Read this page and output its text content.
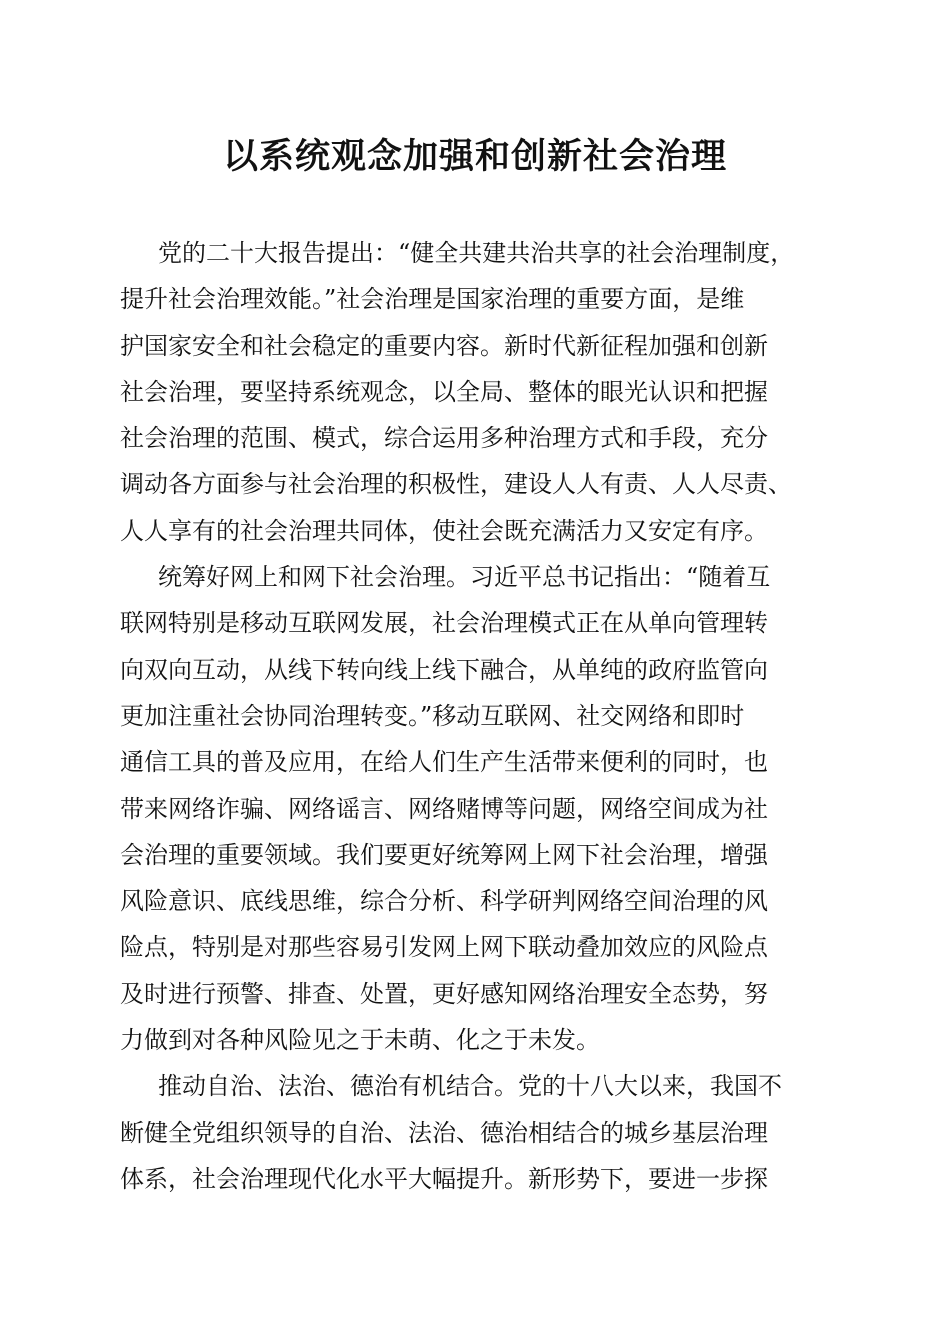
以系统观念加强和创新社会治理
党的二十大报告提出：“健全共建共治共享的社会治理制度，
提升社会治理效能。”社会治理是国家治理的重要方面，是维
护国家安全和社会稳定的重要内容。新时代新征程加强和创新
社会治理，要坚持系统观念，以全局、整体的眼光认识和把握
社会治理的范围、模式，综合运用多种治理方式和手段，充分
调动各方面参与社会治理的积极性，建设人人有责、人人尽责、
人人享有的社会治理共同体，使社会既充满活力又安定有序。
统筹好网上和网下社会治理。习近平总书记指出：“随着互
联网特别是移动互联网发展，社会治理模式正在从单向管理转
向双向互动，从线下转向线上线下融合，从单纯的政府监管向
更加注重社会协同治理转变。”移动互联网、社交网络和即时
通信工具的普及应用，在给人们生产生活带来便利的同时，也
带来网络诈骗、网络谣言、网络赌博等问题，网络空间成为社
会治理的重要领域。我们要更好统筹网上网下社会治理，增强
风险意识、底线思维，综合分析、科学研判网络空间治理的风
险点，特别是对那些容易引发网上网下联动叠加效应的风险点
及时进行预警、排查、处置，更好感知网络治理安全态势，努
力做到对各种风险见之于未萌、化之于未发。
推动自治、法治、德治有机结合。党的十八大以来，我国不
断健全党组织领导的自治、法治、德治相结合的城乡基层治理
体系，社会治理现代化水平大幅提升。新形势下，要进一步探
